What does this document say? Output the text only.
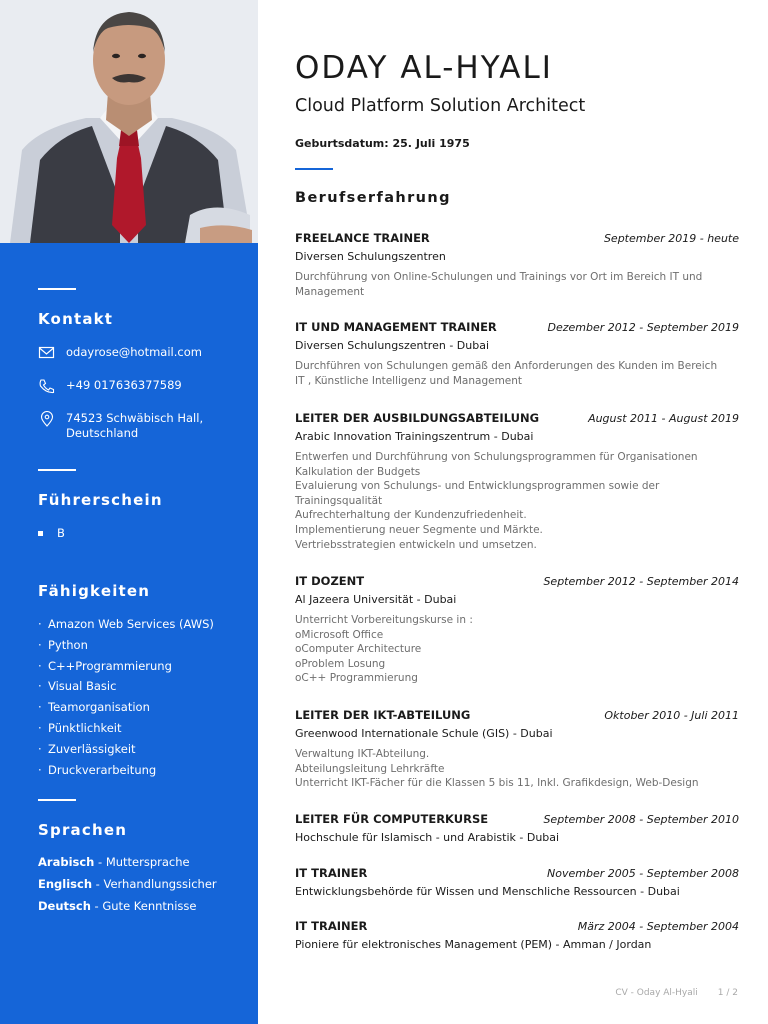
Kontakt
odayrose@hotmail.com
+49 017636377589
74523 Schwäbisch Hall,
Deutschland
Führerschein
B
Fähigkeiten
· Amazon Web Services (AWS)
· Python
· C++Programmierung
· Visual Basic
· Teamorganisation
· Pünktlichkeit
· Zuverlässigkeit
· Druckverarbeitung
Sprachen
Arabisch - Muttersprache
Englisch - Verhandlungssicher
Deutsch - Gute Kenntnisse
ODAY AL-HYALI
Cloud Platform Solution Architect
Geburtsdatum: 25. Juli 1975
Berufserfahrung
FREELANCE TRAINER	September 2019 - heute
Diversen Schulungszentren
Durchführung von Online-Schulungen und Trainings vor Ort im Bereich IT und
Management
IT UND MANAGEMENT TRAINER	Dezember 2012 - September 2019
Diversen Schulungszentren - Dubai
Durchführen von Schulungen gemäß den Anforderungen des Kunden im Bereich
IT , Künstliche Intelligenz und Management
LEITER DER AUSBILDUNGSABTEILUNG	August 2011 - August 2019
Arabic Innovation Trainingszentrum - Dubai
Entwerfen und Durchführung von Schulungsprogrammen für Organisationen
Kalkulation der Budgets
Evaluierung von Schulungs- und Entwicklungsprogrammen sowie der
Trainingsqualität
Aufrechterhaltung der Kundenzufriedenheit.
Implementierung neuer Segmente und Märkte.
Vertriebsstrategien entwickeln und umsetzen.
IT DOZENT	September 2012 - September 2014
Al Jazeera Universität - Dubai
Unterricht Vorbereitungskurse in :
oMicrosoft Office
oComputer Architecture
oProblem Losung
oC++ Programmierung
LEITER DER IKT-ABTEILUNG	Oktober 2010 - Juli 2011
Greenwood Internationale Schule (GIS) - Dubai
Verwaltung IKT-Abteilung.
Abteilungsleitung Lehrkräfte
Unterricht IKT-Fächer für die Klassen 5 bis 11, Inkl. Grafikdesign, Web-Design
LEITER FÜR COMPUTERKURSE	September 2008 - September 2010
Hochschule für Islamisch - und Arabistik - Dubai
IT TRAINER	November 2005 - September 2008
Entwicklungsbehörde für Wissen und Menschliche Ressourcen - Dubai
IT TRAINER	März 2004 - September 2004
Pioniere für elektronisches Management (PEM) - Amman / Jordan
CV - Oday Al-Hyali 1 / 2
